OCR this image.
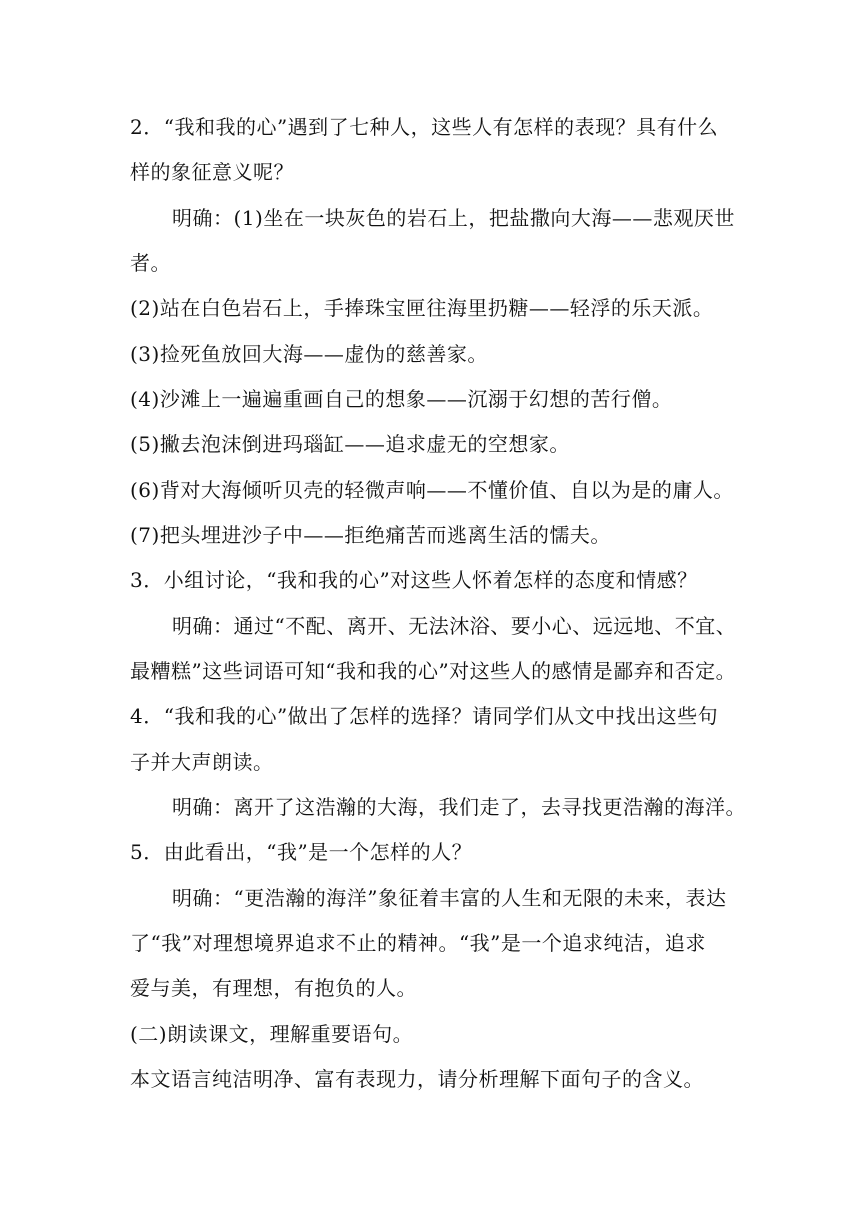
2．“我和我的心”遇到了七种人，这些人有怎样的表现？具有什么
样的象征意义呢？
明确：(1)坐在一块灰色的岩石上，把盐撒向大海——悲观厌世
者。
(2)站在白色岩石上，手捧珠宝匣往海里扔糖——轻浮的乐天派。
(3)捡死鱼放回大海——虚伪的慈善家。
(4)沙滩上一遍遍重画自己的想象——沉溺于幻想的苦行僧。
(5)撇去泡沫倒进玛瑙缸——追求虚无的空想家。
(6)背对大海倾听贝壳的轻微声响——不懂价值、自以为是的庸人。
(7)把头埋进沙子中——拒绝痛苦而逃离生活的懦夫。
3．小组讨论，“我和我的心”对这些人怀着怎样的态度和情感？
明确：通过“不配、离开、无法沐浴、要小心、远远地、不宜、
最糟糕”这些词语可知“我和我的心”对这些人的感情是鄙弃和否定。
4．“我和我的心”做出了怎样的选择？请同学们从文中找出这些句
子并大声朗读。
明确：离开了这浩瀚的大海，我们走了，去寻找更浩瀚的海洋。
5．由此看出，“我”是一个怎样的人？
明确：“更浩瀚的海洋”象征着丰富的人生和无限的未来，表达
了“我”对理想境界追求不止的精神。“我”是一个追求纯洁，追求
爱与美，有理想，有抱负的人。
(二)朗读课文，理解重要语句。
本文语言纯洁明净、富有表现力，请分析理解下面句子的含义。
